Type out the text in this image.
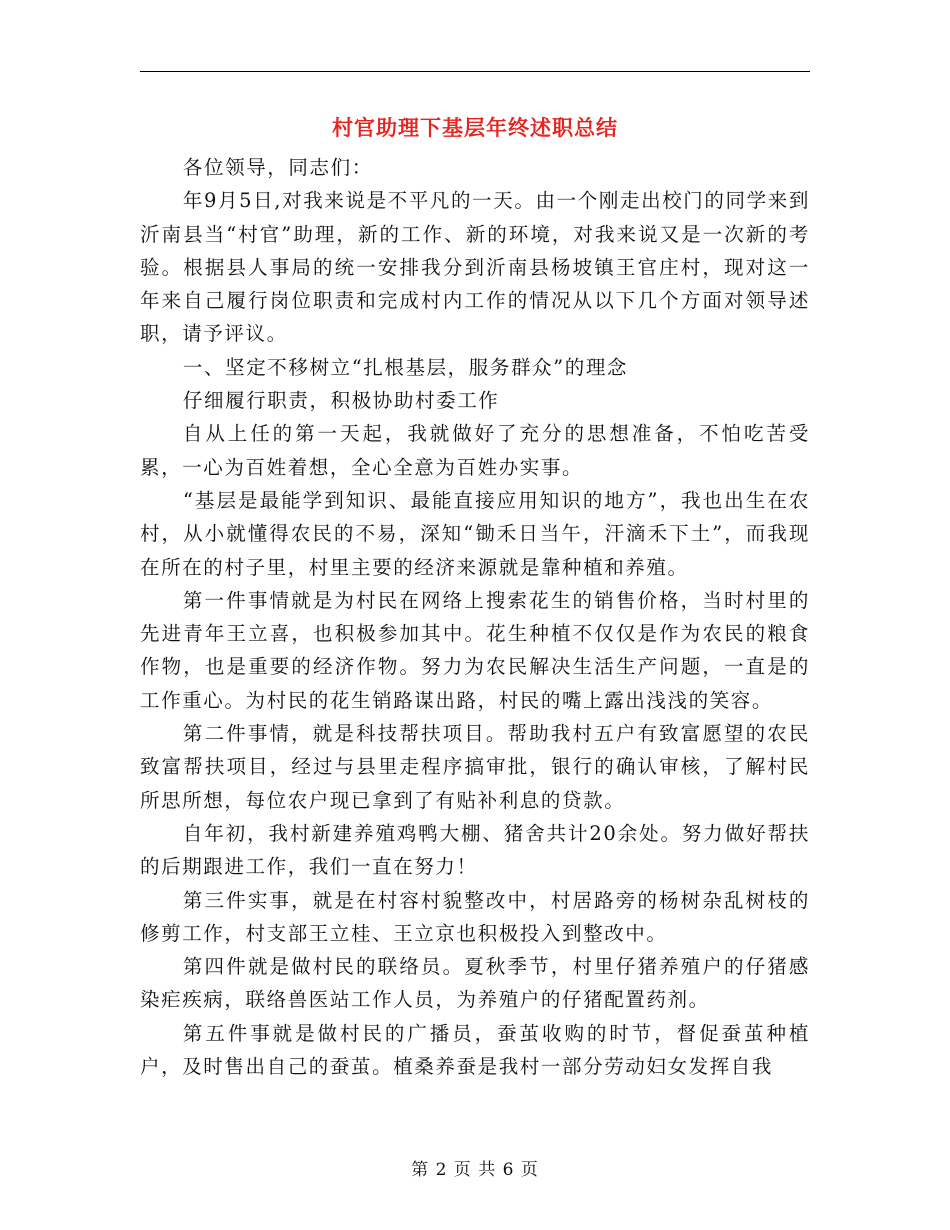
村官助理下基层年终述职总结

各位领导，同志们：

年9月5日,对我来说是不平凡的一天。由一个刚走出校门的同学来到沂南县当“村官”助理，新的工作、新的环境，对我来说又是一次新的考验。根据县人事局的统一安排我分到沂南县杨坡镇王官庄村，现对这一年来自己履行岗位职责和完成村内工作的情况从以下几个方面对领导述职，请予评议。

一、坚定不移树立“扎根基层，服务群众”的理念

仔细履行职责，积极协助村委工作

自从上任的第一天起，我就做好了充分的思想准备，不怕吃苦受累，一心为百姓着想，全心全意为百姓办实事。

“基层是最能学到知识、最能直接应用知识的地方”，我也出生在农村，从小就懂得农民的不易，深知“锄禾日当午，汗滴禾下土”，而我现在所在的村子里，村里主要的经济来源就是靠种植和养殖。

第一件事情就是为村民在网络上搜索花生的销售价格，当时村里的先进青年王立喜，也积极参加其中。花生种植不仅仅是作为农民的粮食作物，也是重要的经济作物。努力为农民解决生活生产问题，一直是的工作重心。为村民的花生销路谋出路，村民的嘴上露出浅浅的笑容。

第二件事情，就是科技帮扶项目。帮助我村五户有致富愿望的农民致富帮扶项目，经过与县里走程序搞审批，银行的确认审核，了解村民所思所想，每位农户现已拿到了有贴补利息的贷款。

自年初，我村新建养殖鸡鸭大棚、猪舍共计20余处。努力做好帮扶的后期跟进工作，我们一直在努力！

第三件实事，就是在村容村貌整改中，村居路旁的杨树杂乱树枝的修剪工作，村支部王立桂、王立京也积极投入到整改中。

第四件就是做村民的联络员。夏秋季节，村里仔猪养殖户的仔猪感染疟疾病，联络兽医站工作人员，为养殖户的仔猪配置药剂。

第五件事就是做村民的广播员，蚕茧收购的时节，督促蚕茧种植户，及时售出自己的蚕茧。植桑养蚕是我村一部分劳动妇女发挥自我

第 2 页 共 6 页
